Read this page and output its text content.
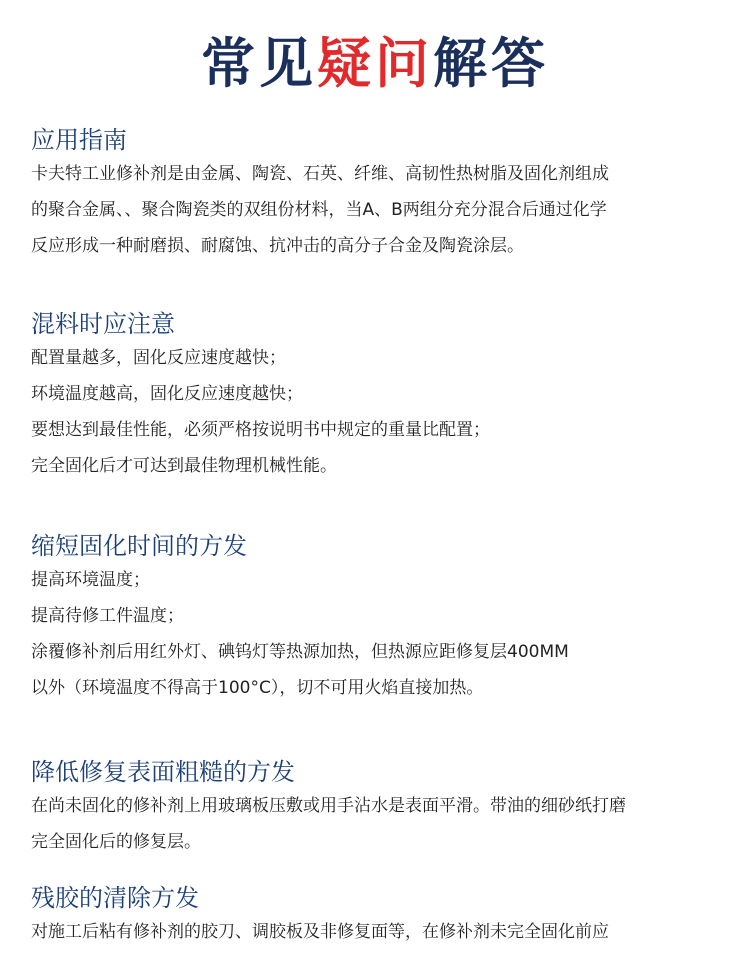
常见疑问解答
应用指南

卡夫特工业修补剂是由金属、陶瓷、石英、纤维、高韧性热树脂及固化剂组成
的聚合金属、、聚合陶瓷类的双组份材料，当A、B两组分充分混合后通过化学
反应形成一种耐磨损、耐腐蚀、抗冲击的高分子合金及陶瓷涂层。

混料时应注意

配置量越多，固化反应速度越快；
环境温度越高，固化反应速度越快；
要想达到最佳性能，必须严格按说明书中规定的重量比配置；
完全固化后才可达到最佳物理机械性能。

缩短固化时间的方发

提高环境温度；
提高待修工件温度；
涂覆修补剂后用红外灯、碘钨灯等热源加热，但热源应距修复层400MM
以外（环境温度不得高于100°C），切不可用火焰直接加热。

降低修复表面粗糙的方发

在尚未固化的修补剂上用玻璃板压敷或用手沾水是表面平滑。带油的细砂纸打磨
完全固化后的修复层。

残胶的清除方发

对施工后粘有修补剂的胶刀、调胶板及非修复面等，在修补剂未完全固化前应
